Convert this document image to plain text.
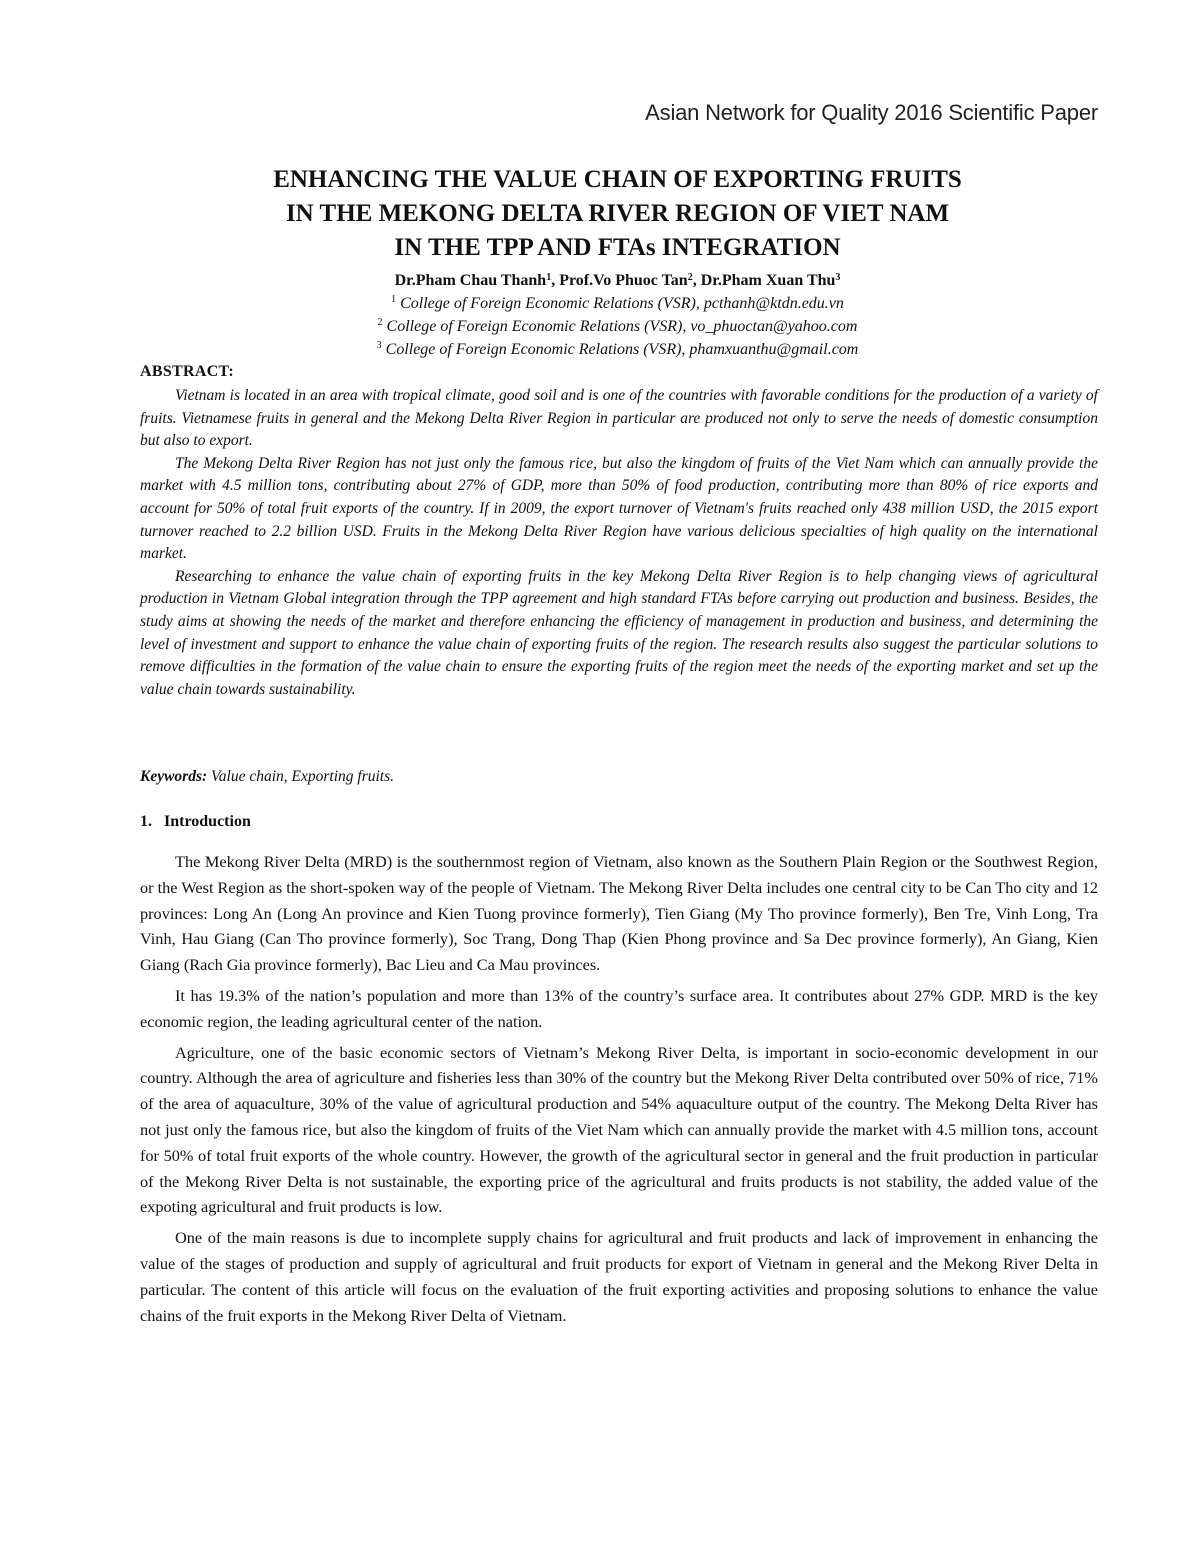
Asian Network for Quality 2016 Scientific Paper
ENHANCING THE VALUE CHAIN OF EXPORTING FRUITS
IN THE MEKONG DELTA RIVER REGION OF VIET NAM
IN THE TPP AND FTAs INTEGRATION
Dr.Pham Chau Thanh$^1$, Prof.Vo Phuoc Tan$^2$, Dr.Pham Xuan Thu$^3$
$^1$ College of Foreign Economic Relations (VSR), pcthanh@ktdn.edu.vn
$^2$ College of Foreign Economic Relations (VSR), vo_phuoctan@yahoo.com
$^3$ College of Foreign Economic Relations (VSR), phamxuanthu@gmail.com
ABSTRACT:

Vietnam is located in an area with tropical climate, good soil and is one of the countries with favorable conditions for the production of a variety of fruits. Vietnamese fruits in general and the Mekong Delta River Region in particular are produced not only to serve the needs of domestic consumption but also to export.

The Mekong Delta River Region has not just only the famous rice, but also the kingdom of fruits of the Viet Nam which can annually provide the market with 4.5 million tons, contributing about 27% of GDP, more than 50% of food production, contributing more than 80% of rice exports and account for 50% of total fruit exports of the country. If in 2009, the export turnover of Vietnam's fruits reached only 438 million USD, the 2015 export turnover reached to 2.2 billion USD. Fruits in the Mekong Delta River Region have various delicious specialties of high quality on the international market.

Researching to enhance the value chain of exporting fruits in the key Mekong Delta River Region is to help changing views of agricultural production in Vietnam Global integration through the TPP agreement and high standard FTAs before carrying out production and business. Besides, the study aims at showing the needs of the market and therefore enhancing the efficiency of management in production and business, and determining the level of investment and support to enhance the value chain of exporting fruits of the region. The research results also suggest the particular solutions to remove difficulties in the formation of the value chain to ensure the exporting fruits of the region meet the needs of the exporting market and set up the value chain towards sustainability.

Keywords: Value chain, Exporting fruits.
1. Introduction

The Mekong River Delta (MRD) is the southernmost region of Vietnam, also known as the Southern Plain Region or the Southwest Region, or the West Region as the short-spoken way of the people of Vietnam. The Mekong River Delta includes one central city to be Can Tho city and 12 provinces: Long An (Long An province and Kien Tuong province formerly), Tien Giang (My Tho province formerly), Ben Tre, Vinh Long, Tra Vinh, Hau Giang (Can Tho province formerly), Soc Trang, Dong Thap (Kien Phong province and Sa Dec province formerly), An Giang, Kien Giang (Rach Gia province formerly), Bac Lieu and Ca Mau provinces.

It has 19.3% of the nation’s population and more than 13% of the country’s surface area. It contributes about 27% GDP. MRD is the key economic region, the leading agricultural center of the nation.

Agriculture, one of the basic economic sectors of Vietnam’s Mekong River Delta, is important in socio-economic development in our country. Although the area of agriculture and fisheries less than 30% of the country but the Mekong River Delta contributed over 50% of rice, 71% of the area of aquaculture, 30% of the value of agricultural production and 54% aquaculture output of the country. The Mekong Delta River has not just only the famous rice, but also the kingdom of fruits of the Viet Nam which can annually provide the market with 4.5 million tons, account for 50% of total fruit exports of the whole country. However, the growth of the agricultural sector in general and the fruit production in particular of the Mekong River Delta is not sustainable, the exporting price of the agricultural and fruits products is not stability, the added value of the expoting agricultural and fruit products is low.

One of the main reasons is due to incomplete supply chains for agricultural and fruit products and lack of improvement in enhancing the value of the stages of production and supply of agricultural and fruit products for export of Vietnam in general and the Mekong River Delta in particular. The content of this article will focus on the evaluation of the fruit exporting activities and proposing solutions to enhance the value chains of the fruit exports in the Mekong River Delta of Vietnam.
